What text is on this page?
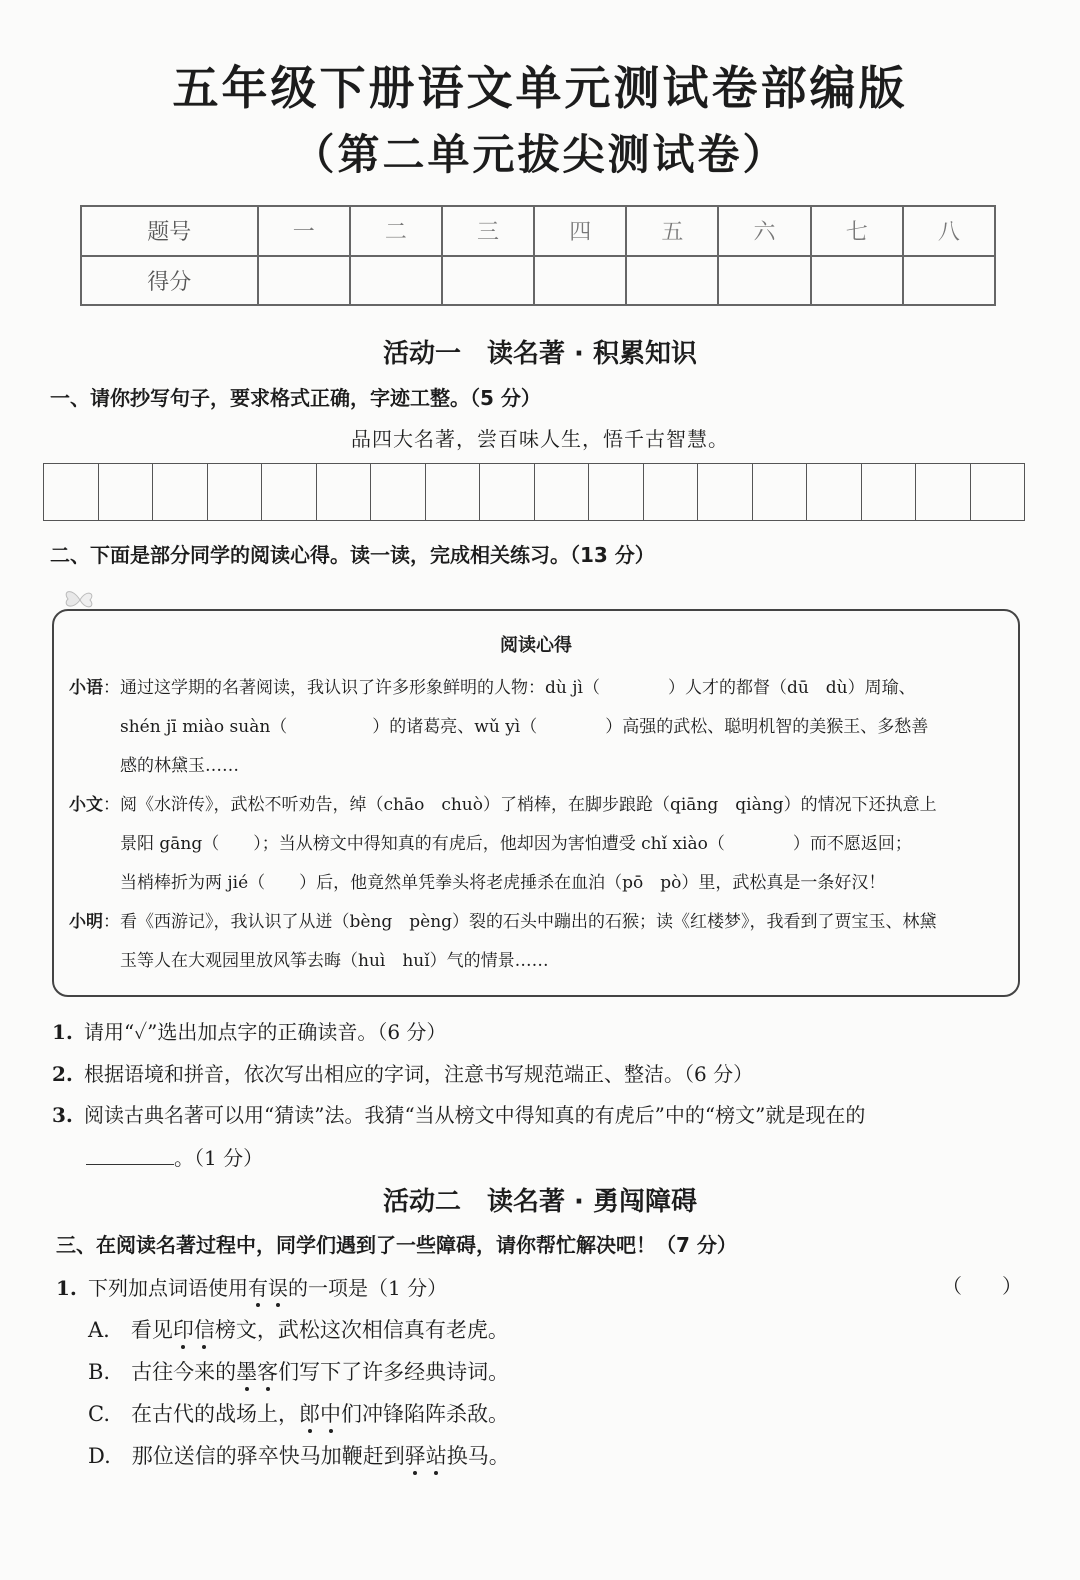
五年级下册语文单元测试卷部编版
（第二单元拔尖测试卷）
题号	一	二	三	四	五	六	七	八
得分								
活动一　读名著 · 积累知识
一、请你抄写句子，要求格式正确，字迹工整。（5 分）
品四大名著，尝百味人生，悟千古智慧。
二、下面是部分同学的阅读心得。读一读，完成相关练习。（13 分）
阅读心得
小语：通过这学期的名著阅读，我认识了许多形象鲜明的人物：dù jì（　　　　）人才的都督（dū　dù）周瑜、
shén jī miào suàn（　　　　　）的诸葛亮、wǔ yì（　　　　）高强的武松、聪明机智的美猴王、多愁善
感的林黛玉……
小文：阅《水浒传》，武松不听劝告，绰（chāo　chuò）了梢棒，在脚步踉跄（qiāng　qiàng）的情况下还执意上
景阳 gāng（　　）；当从榜文中得知真的有虎后，他却因为害怕遭受 chǐ xiào（　　　　）而不愿返回；
当梢棒折为两 jié（　　）后，他竟然单凭拳头将老虎捶杀在血泊（pō　pò）里，武松真是一条好汉！
小明：看《西游记》，我认识了从迸（bèng　pèng）裂的石头中蹦出的石猴；读《红楼梦》，我看到了贾宝玉、林黛
玉等人在大观园里放风筝去晦（huì　huǐ）气的情景……
1. 请用“✓”选出加点字的正确读音。（6 分）
2. 根据语境和拼音，依次写出相应的字词，注意书写规范端正、整洁。（6 分）
3. 阅读古典名著可以用“猜读”法。我猜“当从榜文中得知真的有虎后”中的“榜文”就是现在的
。（1 分）
活动二　读名著 · 勇闯障碍
三、在阅读名著过程中，同学们遇到了一些障碍，请你帮忙解决吧！（7 分）
1. 下列加点词语使用有误的一项是（1 分）	（　　）
A.　看见印信榜文，武松这次相信真有老虎。
B.　古往今来的墨客们写下了许多经典诗词。
C.　在古代的战场上，郎中们冲锋陷阵杀敌。
D.　那位送信的驿卒快马加鞭赶到驿站换马。
